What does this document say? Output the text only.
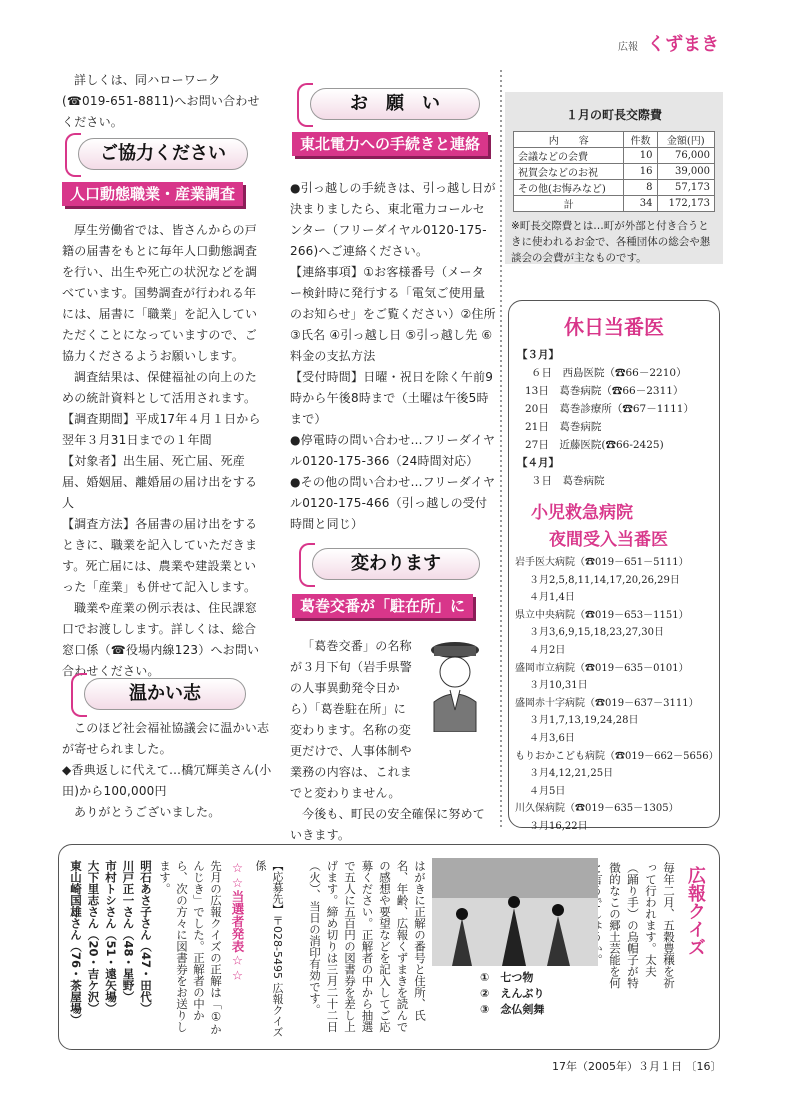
広報 くずまき

詳しくは、同ハローワーク(☎019-651-8811)へお問い合わせください。

ご協力ください
人口動態職業・産業調査

厚生労働省では、皆さんからの戸籍の届書をもとに毎年人口動態調査を行い、出生や死亡の状況などを調べています。国勢調査が行われる年には、届書に「職業」を記入していただくことになっていますので、ご協力くださるようお願いします。

調査結果は、保健福祉の向上のための統計資料として活用されます。

【調査期間】平成17年４月１日から翌年３月31日までの１年間

【対象者】出生届、死亡届、死産届、婚姻届、離婚届の届け出をする人

【調査方法】各届書の届け出をするときに、職業を記入していただきます。死亡届には、農業や建設業といった「産業」も併せて記入します。

職業や産業の例示表は、住民課窓口でお渡しします。詳しくは、総合窓口係（☎役場内線123）へお問い合わせください。

温かい志

このほど社会福祉協議会に温かい志が寄せられました。

◆香典返しに代えて…橋冗輝美さん(小田)から100,000円

ありがとうございました。

お　願　い
東北電力への手続きと連絡

●引っ越しの手続きは、引っ越し日が決まりましたら、東北電力コールセンター（フリーダイヤル0120-175-266)へご連絡ください。

【連絡事項】①お客様番号（メーター検針時に発行する「電気ご使用量のお知らせ」をご覧ください）②住所 ③氏名 ④引っ越し日 ⑤引っ越し先 ⑥料金の支払方法

【受付時間】日曜・祝日を除く午前9時から午後8時まで（土曜は午後5時まで）

●停電時の問い合わせ…フリーダイヤル0120-175-366（24時間対応）

●その他の問い合わせ…フリーダイヤル0120-175-466（引っ越しの受付時間と同じ）

変わります
葛巻交番が「駐在所」に

「葛巻交番」の名称が３月下旬（岩手県警の人事異動発令日から）「葛巻駐在所」に変わります。名称の変更だけで、人事体制や業務の内容は、これまでと変わりません。

今後も、町民の安全確保に努めていきます。

１月の町長交際費
内　　容	件数	金額(円)
会議などの会費	10	76,000
祝賀会などのお祝	16	39,000
その他(お悔みなど)	8	57,173
計	34	172,173
※町長交際費とは…町が外部と付き合うときに使われるお金で、各種団体の総会や懇談会の会費が主なものです。
休日当番医
【３月】
６日　西島医院（☎66－2210）
13日　葛巻病院（☎66－2311）
20日　葛巻診療所（☎67－1111）
21日　葛巻病院
27日　近藤医院(☎66-2425)
【４月】
３日　葛巻病院
小児救急病院
夜間受入当番医
岩手医大病院（☎019－651－5111）
３月2,5,8,11,14,17,20,26,29日
４月1,4日
県立中央病院（☎019－653－1151）
３月3,6,9,15,18,23,27,30日
４月2日
盛岡市立病院（☎019－635－0101）
３月10,31日
盛岡赤十字病院（☎019－637－3111）
３月1,7,13,19,24,28日
４月3,6日
もりおかこども病院（☎019－662－5656）
３月4,12,21,25日
４月5日
川久保病院（☎019－635－1305）
３月16,22日
広報クイズ
毎年二月、五穀豊穣を祈って行われます。太夫（踊り手）の烏帽子が特徴的なこの郷土芸能を何
①　七つ物
②　えんぶり
③　念仏剣舞
はがきに正解の番号と住所、氏名、年齢、広報くずまきを読んでの感想や要望などを記入してご応募ください。正解者の中から抽選で五人に五百円の図書券を差し上げます。締め切りは三月二十二日（火）、当日の消印有効です。
【応募先】〒028-5495 広報クイズ係
☆☆当選者発表☆☆
先月の広報クイズの正解は「①かんじき」でした。正解者の中から、次の方々に図書券をお送りします。
明石あさ子さん（47・田代）
川戸正一さん（48・星野）
市村トシさん（51・遠矢場）
大下里志さん（20・吉ケ沢）
東山崎国雄さん（76・茶屋場）
17年（2005年）３月１日 〔16〕
